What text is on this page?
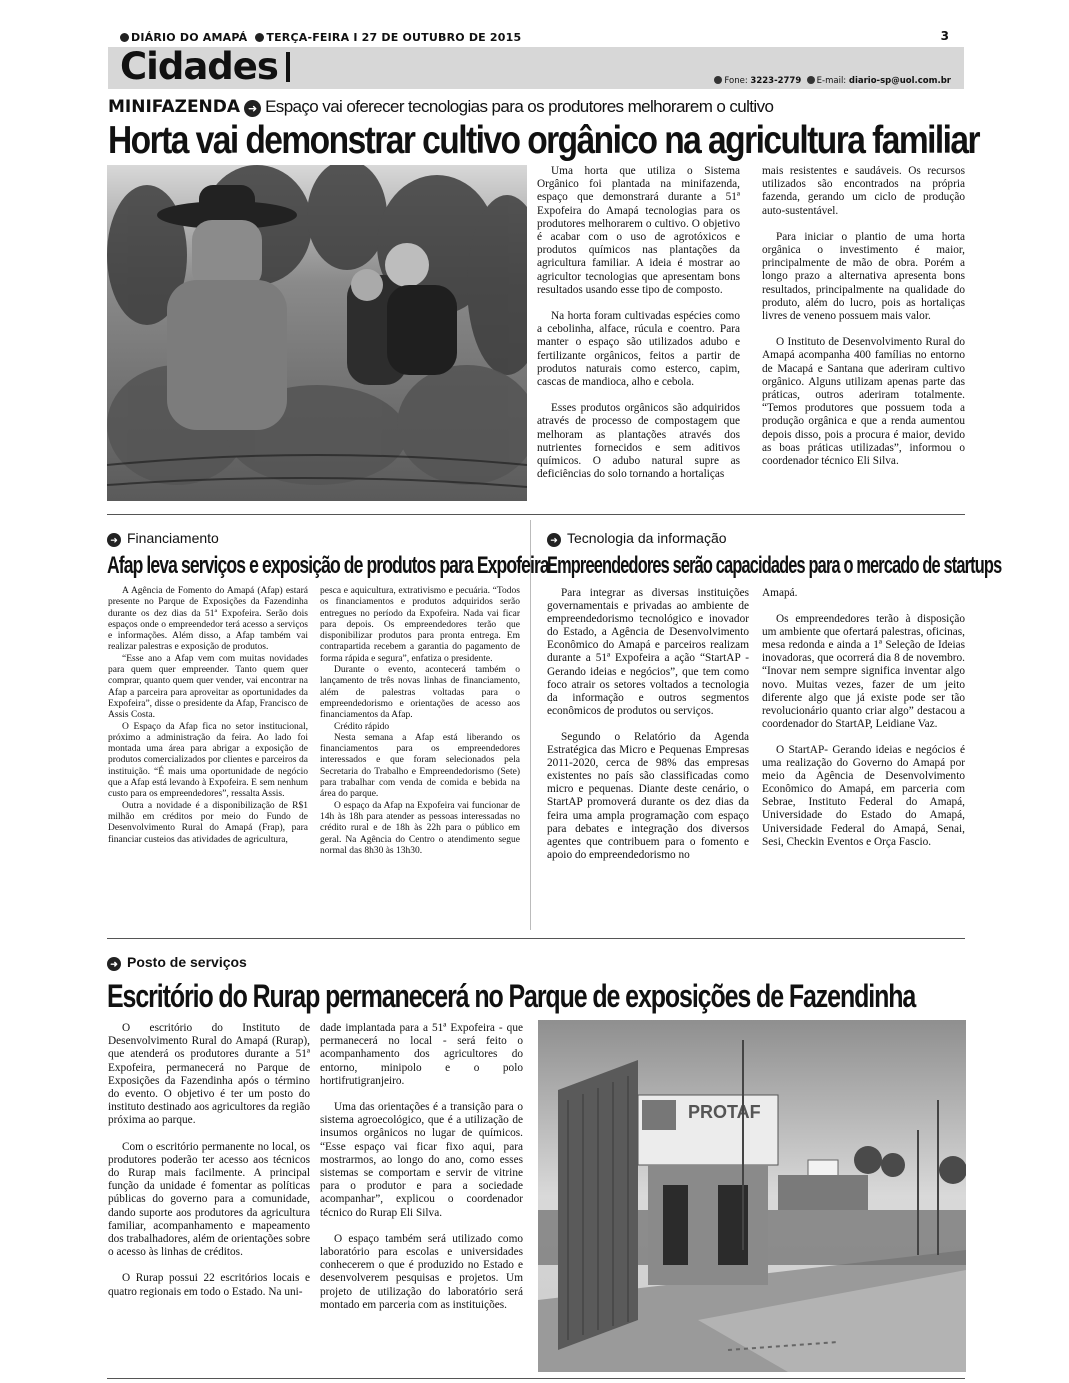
DIÁRIO DO AMAPÁ TERÇA-FEIRA I 27 DE OUTUBRO DE 2015	3
Cidades	Fone: 3223-2779 E-mail: diario-sp@uol.com.br
MINIFAZENDA ➜ Espaço vai oferecer tecnologias para os produtores melhorarem o cultivo
Horta vai demonstrar cultivo orgânico na agricultura familiar

Uma horta que utiliza o Sistema Orgânico foi plantada na minifazenda, espaço que demonstrará durante a 51ª Expofeira do Amapá tecnologias para os produtores melhorarem o cultivo. O objetivo é acabar com o uso de agrotóxicos e produtos químicos nas plantações da agricultura familiar. A ideia é mostrar ao agricultor tecnologias que apresentam bons resultados usando esse tipo de composto.

Na horta foram cultivadas espécies como a cebolinha, alface, rúcula e coentro. Para manter o espaço são utilizados adubo e fertilizante orgânicos, feitos a partir de produtos naturais como esterco, capim, cascas de mandioca, alho e cebola.

Esses produtos orgânicos são adquiridos através de processo de compostagem que melhoram as plantações através dos nutrientes fornecidos e sem aditivos químicos. O adubo natural supre as deficiências do solo tornando a hortaliças

mais resistentes e saudáveis. Os recursos utilizados são encontrados na própria fazenda, gerando um ciclo de produção auto-sustentável.

Para iniciar o plantio de uma horta orgânica o investimento é maior, principalmente de mão de obra. Porém a longo prazo a alternativa apresenta bons resultados, principalmente na qualidade do produto, além do lucro, pois as hortaliças livres de veneno possuem mais valor.

O Instituto de Desenvolvimento Rural do Amapá acompanha 400 famílias no entorno de Macapá e Santana que aderiram cultivo orgânico. Alguns utilizam apenas parte das práticas, outros aderiram totalmente. “Temos produtores que possuem toda a produção orgânica e que a renda aumentou depois disso, pois a procura é maior, devido as boas práticas utilizadas”, informou o coordenador técnico Eli Silva.

➜ Financiamento
Afap leva serviços e exposição de produtos para Expofeira

A Agência de Fomento do Amapá (Afap) estará presente no Parque de Exposições da Fazendinha durante os dez dias da 51ª Expofeira. Serão dois espaços onde o empreendedor terá acesso a serviços e informações. Além disso, a Afap também vai realizar palestras e exposição de produtos.

“Esse ano a Afap vem com muitas novidades para quem quer empreender. Tanto quem quer comprar, quanto quem quer vender, vai encontrar na Afap a parceira para aproveitar as oportunidades da Expofeira”, disse o presidente da Afap, Francisco de Assis Costa.

O Espaço da Afap fica no setor institucional, próximo a administração da feira. Ao lado foi montada uma área para abrigar a exposição de produtos comercializados por clientes e parceiros da instituição. “É mais uma oportunidade de negócio que a Afap está levando à Expofeira. E sem nenhum custo para os empreendedores”, ressalta Assis.

Outra a novidade é a disponibilização de R$1 milhão em créditos por meio do Fundo de Desenvolvimento Rural do Amapá (Frap), para financiar custeios das atividades de agricultura,

pesca e aquicultura, extrativismo e pecuária. “Todos os financiamentos e produtos adquiridos serão entregues no período da Expofeira. Nada vai ficar para depois. Os empreendedores terão que disponibilizar produtos para pronta entrega. Em contrapartida recebem a garantia do pagamento de forma rápida e segura”, enfatiza o presidente.

Durante o evento, acontecerá também o lançamento de três novas linhas de financiamento, além de palestras voltadas para o empreendedorismo e orientações de acesso aos financiamentos da Afap.

Crédito rápido

Nesta semana a Afap está liberando os financiamentos para os empreendedores interessados e que foram selecionados pela Secretaria do Trabalho e Empreendedorismo (Sete) para trabalhar com venda de comida e bebida na área do parque.

O espaço da Afap na Expofeira vai funcionar de 14h às 18h para atender as pessoas interessadas no crédito rural e de 18h às 22h para o público em geral. Na Agência do Centro o atendimento segue normal das 8h30 às 13h30.

➜ Tecnologia da informação
Empreendedores serão capacidades para o mercado de startups

Para integrar as diversas instituições governamentais e privadas ao ambiente de empreendedorismo tecnológico e inovador do Estado, a Agência de Desenvolvimento Econômico do Amapá e parceiros realizam durante a 51ª Expofeira a ação “StartAP - Gerando ideias e negócios”, que tem como foco atrair os setores voltados a tecnologia da informação e outros segmentos econômicos de produtos ou serviços.

Segundo o Relatório da Agenda Estratégica das Micro e Pequenas Empresas 2011-2020, cerca de 98% das empresas existentes no país são classificadas como micro e pequenas. Diante deste cenário, o StartAP promoverá durante os dez dias da feira uma ampla programação com espaço para debates e integração dos diversos agentes que contribuem para o fomento e apoio do empreendedorismo no

Amapá.

Os empreendedores terão à disposição um ambiente que ofertará palestras, oficinas, mesa redonda e ainda a 1ª Seleção de Ideias inovadoras, que ocorrerá dia 8 de novembro. “Inovar nem sempre significa inventar algo novo. Muitas vezes, fazer de um jeito diferente algo que já existe pode ser tão revolucionário quanto criar algo” destacou a coordenador do StartAP, Leidiane Vaz.

O StartAP- Gerando ideias e negócios é uma realização do Governo do Amapá por meio da Agência de Desenvolvimento Econômico do Amapá, em parceria com Sebrae, Instituto Federal do Amapá, Universidade do Estado do Amapá, Universidade Federal do Amapá, Senai, Sesi, Checkin Eventos e Orça Fascio.

➜ Posto de serviços
Escritório do Rurap permanecerá no Parque de exposições de Fazendinha

O escritório do Instituto de Desenvolvimento Rural do Amapá (Rurap), que atenderá os produtores durante a 51ª Expofeira, permanecerá no Parque de Exposições da Fazendinha após o término do evento. O objetivo é ter um posto do instituto destinado aos agricultores da região próxima ao parque.

Com o escritório permanente no local, os produtores poderão ter acesso aos técnicos do Rurap mais facilmente. A principal função da unidade é fomentar as políticas públicas do governo para a comunidade, dando suporte aos produtores da agricultura familiar, acompanhamento e mapeamento dos trabalhadores, além de orientações sobre o acesso às linhas de créditos.

O Rurap possui 22 escritórios locais e quatro regionais em todo o Estado. Na uni-

dade implantada para a 51ª Expofeira - que permanecerá no local - será feito o acompanhamento dos agricultores do entorno, minipolo e o polo hortifrutigranjeiro.

Uma das orientações é a transição para o sistema agroecológico, que é a utilização de insumos orgânicos no lugar de químicos. “Esse espaço vai ficar fixo aqui, para mostrarmos, ao longo do ano, como esses sistemas se comportam e servir de vitrine para o produtor e para a sociedade acompanhar”, explicou o coordenador técnico do Rurap Eli Silva.

O espaço também será utilizado como laboratório para escolas e universidades conhecerem o que é produzido no Estado e desenvolverem pesquisas e projetos. Um projeto de utilização do laboratório será montado em parceria com as instituições.

PROTAF
